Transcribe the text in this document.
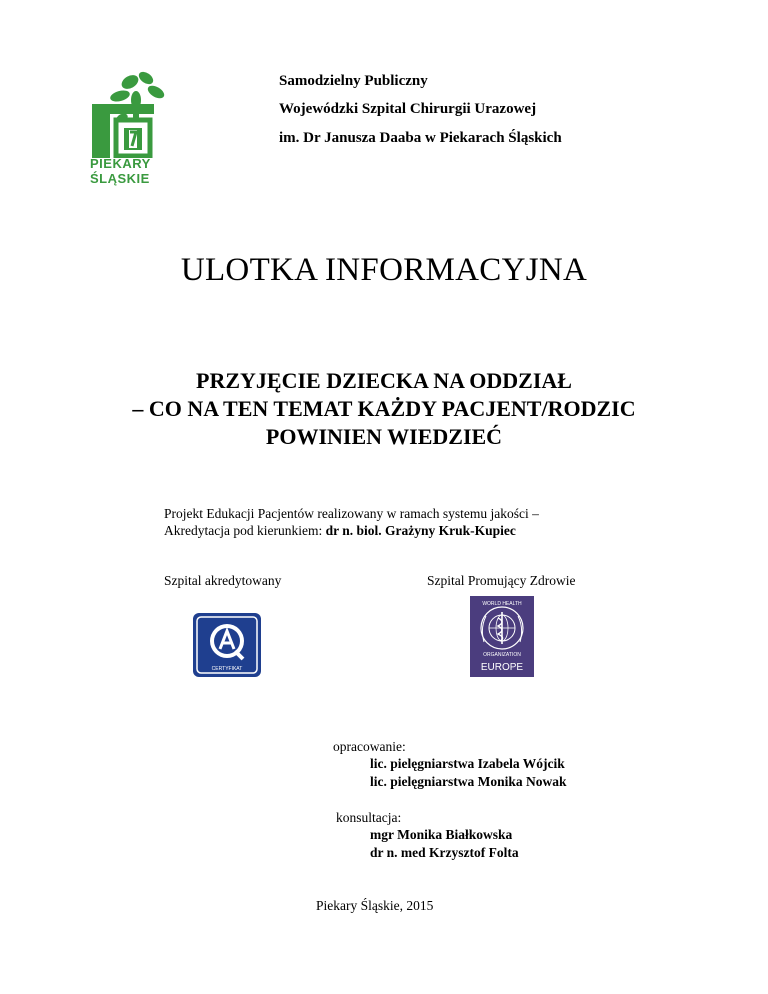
PIEKARY
ŚLĄSKIE
Samodzielny Publiczny
Wojewódzki Szpital Chirurgii Urazowej
im. Dr Janusza Daaba w Piekarach Śląskich
ULOTKA INFORMACYJNA
PRZYJĘCIE DZIECKA NA ODDZIAŁ
– CO NA TEN TEMAT KAŻDY PACJENT/RODZIC
POWINIEN WIEDZIEĆ
Projekt Edukacji Pacjentów realizowany w ramach systemu jakości –
Akredytacja pod kierunkiem: dr n. biol. Grażyny Kruk-Kupiec
Szpital akredytowany	Szpital Promujący Zdrowie
CERTYFIKAT
WORLD HEALTH
ORGANIZATION
EUROPE
opracowanie:
lic. pielęgniarstwa Izabela Wójcik
lic. pielęgniarstwa Monika Nowak
konsultacja:
mgr Monika Białkowska
dr n. med Krzysztof Folta
Piekary Śląskie, 2015
